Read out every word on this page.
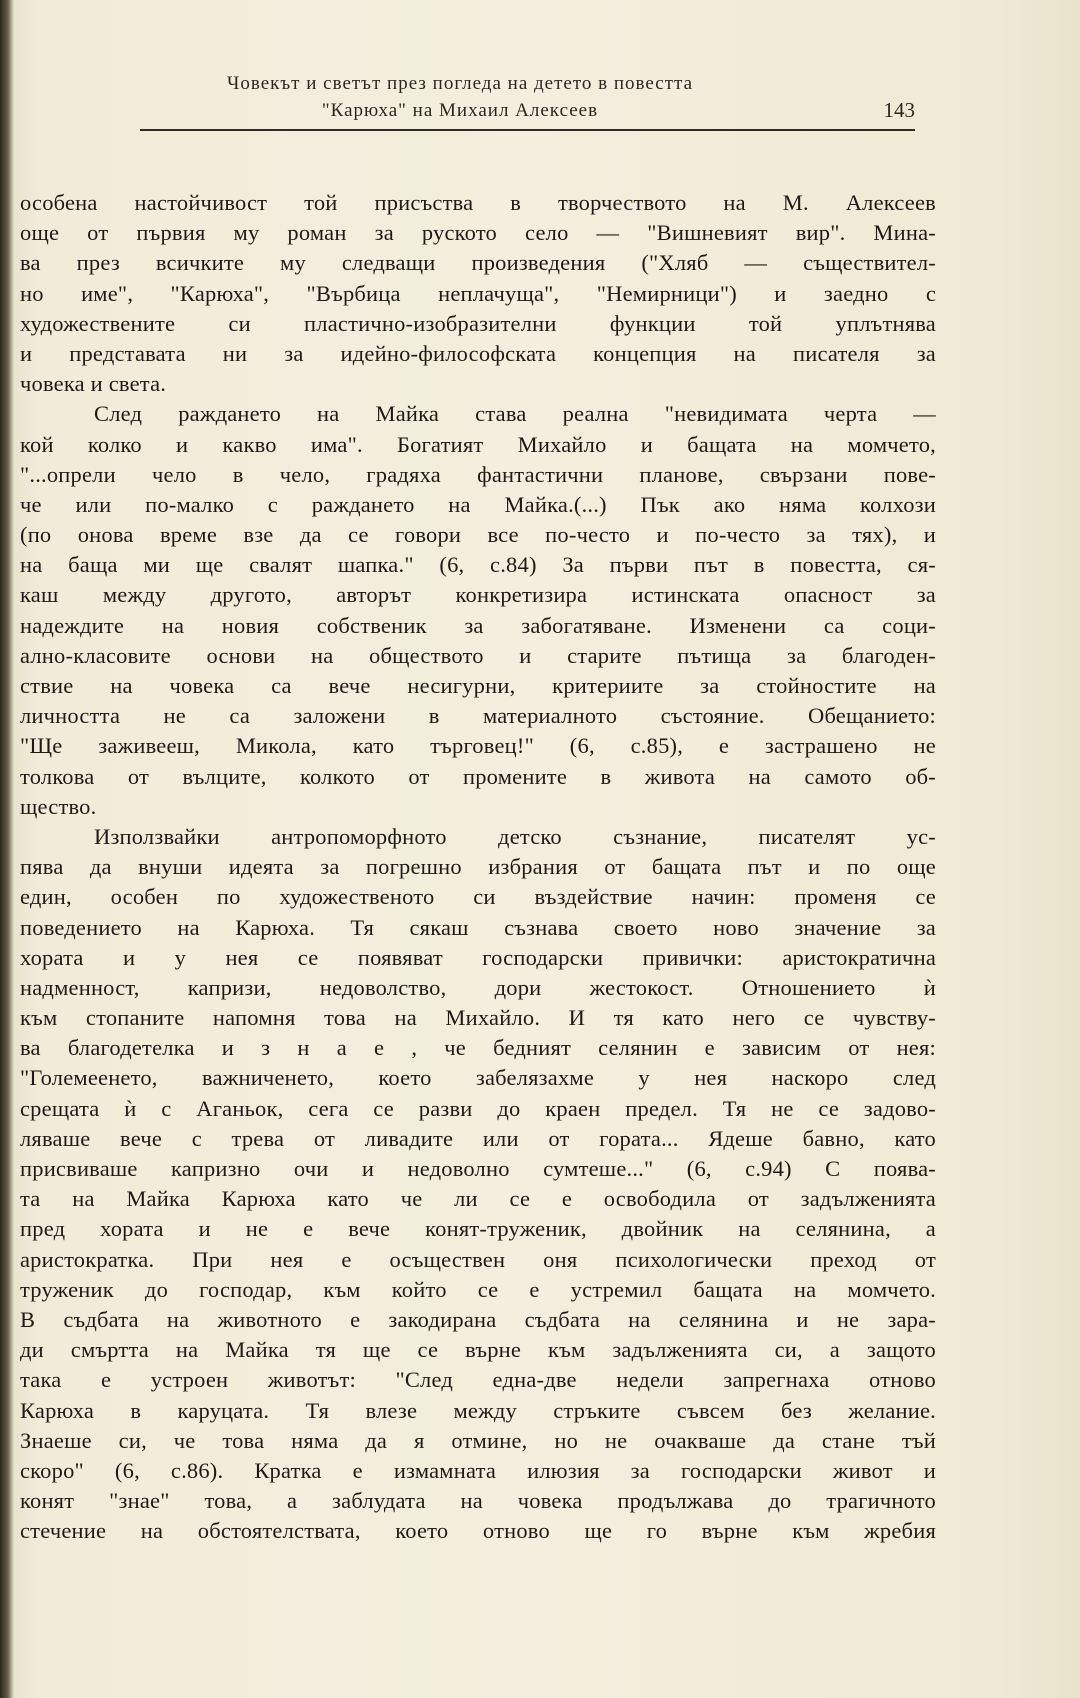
Човекът и светът през погледа на детето в повестта
"Карюха" на Михаил Алексеев	143
особена настойчивост той присъства в творчеството на М. Алексеев
още от първия му роман за руското село — "Вишневият вир". Мина-
ва през всичките му следващи произведения ("Хляб — съществител-
но име", "Карюха", "Върбица неплачуща", "Немирници") и заедно с
художествените си пластично-изобразителни функции той уплътнява
и представата ни за идейно-философската концепция на писателя за
човека и света.
След раждането на Майка става реална "невидимата черта —
кой колко и какво има". Богатият Михайло и бащата на момчето,
"...опрели чело в чело, градяха фантастични планове, свързани пове-
че или по-малко с раждането на Майка.(...) Пък ако няма колхози
(по онова време взе да се говори все по-често и по-често за тях), и
на баща ми ще свалят шапка." (6, с.84) За първи път в повестта, ся-
каш между другото, авторът конкретизира истинската опасност за
надеждите на новия собственик за забогатяване. Изменени са соци-
ално-класовите основи на обществото и старите пътища за благоден-
ствие на човека са вече несигурни, критериите за стойностите на
личността не са заложени в материалното състояние. Обещанието:
"Ще заживееш, Микола, като търговец!" (6, с.85), е застрашено не
толкова от вълците, колкото от промените в живота на самото об-
щество.
Използвайки антропоморфното детско съзнание, писателят ус-
пява да внуши идеята за погрешно избрания от бащата път и по още
един, особен по художественото си въздействие начин: променя се
поведението на Карюха. Тя сякаш съзнава своето ново значение за
хората и у нея се появяват господарски привички: аристократична
надменност, капризи, недоволство, дори жестокост. Отношението ѝ
към стопаните напомня това на Михайло. И тя като него се чувству-
ва благодетелка и з н а е , че бедният селянин е зависим от нея:
"Големеенето, важниченето, което забелязахме у нея наскоро след
срещата ѝ с Аганьок, сега се разви до краен предел. Тя не се задово-
ляваше вече с трева от ливадите или от гората... Ядеше бавно, като
присвиваше капризно очи и недоволно сумтеше..." (6, с.94) С поява-
та на Майка Карюха като че ли се е освободила от задълженията
пред хората и не е вече конят-труженик, двойник на селянина, а
аристократка. При нея е осъществен оня психологически преход от
труженик до господар, към който се е устремил бащата на момчето.
В съдбата на животното е закодирана съдбата на селянина и не зара-
ди смъртта на Майка тя ще се върне към задълженията си, а защото
така е устроен животът: "След една-две недели запрегнаха отново
Карюха в каруцата. Тя влезе между стръките съвсем без желание.
Знаеше си, че това няма да я отмине, но не очакваше да стане тъй
скоро" (6, с.86). Кратка е измамната илюзия за господарски живот и
конят "знае" това, а заблудата на човека продължава до трагичното
стечение на обстоятелствата, което отново ще го върне към жребия
